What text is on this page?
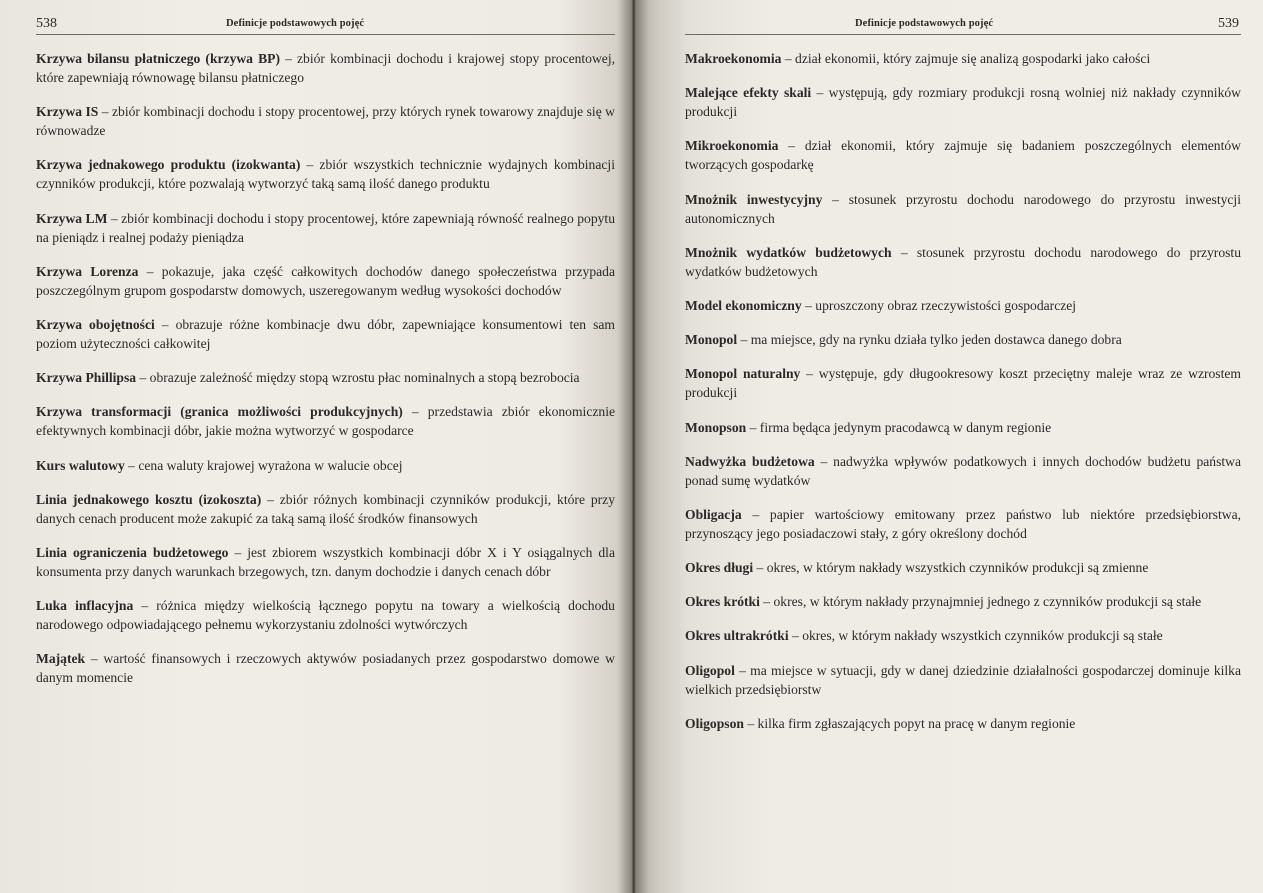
538	Definicje podstawowych pojęć

Krzywa bilansu płatniczego (krzywa BP) – zbiór kombinacji dochodu i krajowej stopy procentowej, które zapewniają równowagę bilansu płatniczego

Krzywa IS – zbiór kombinacji dochodu i stopy procentowej, przy których rynek towarowy znajduje się w równowadze

Krzywa jednakowego produktu (izokwanta) – zbiór wszystkich technicznie wydajnych kombinacji czynników produkcji, które pozwalają wytworzyć taką samą ilość danego produktu

Krzywa LM – zbiór kombinacji dochodu i stopy procentowej, które zapewniają równość realnego popytu na pieniądz i realnej podaży pieniądza

Krzywa Lorenza – pokazuje, jaka część całkowitych dochodów danego społeczeństwa przypada poszczególnym grupom gospodarstw domowych, uszeregowanym według wysokości dochodów

Krzywa obojętności – obrazuje różne kombinacje dwu dóbr, zapewniające konsumentowi ten sam poziom użyteczności całkowitej

Krzywa Phillipsa – obrazuje zależność między stopą wzrostu płac nominalnych a stopą bezrobocia

Krzywa transformacji (granica możliwości produkcyjnych) – przedstawia zbiór ekonomicznie efektywnych kombinacji dóbr, jakie można wytworzyć w gospodarce

Kurs walutowy – cena waluty krajowej wyrażona w walucie obcej

Linia jednakowego kosztu (izokoszta) – zbiór różnych kombinacji czynników produkcji, które przy danych cenach producent może zakupić za taką samą ilość środków finansowych

Linia ograniczenia budżetowego – jest zbiorem wszystkich kombinacji dóbr X i Y osiągalnych dla konsumenta przy danych warunkach brzegowych, tzn. danym dochodzie i danych cenach dóbr

Luka inflacyjna – różnica między wielkością łącznego popytu na towary a wielkością dochodu narodowego odpowiadającego pełnemu wykorzystaniu zdolności wytwórczych

Majątek – wartość finansowych i rzeczowych aktywów posiadanych przez gospodarstwo domowe w danym momencie

Definicje podstawowych pojęć	539

Makroekonomia – dział ekonomii, który zajmuje się analizą gospodarki jako całości

Malejące efekty skali – występują, gdy rozmiary produkcji rosną wolniej niż nakłady czynników produkcji

Mikroekonomia – dział ekonomii, który zajmuje się badaniem poszczególnych elementów tworzących gospodarkę

Mnożnik inwestycyjny – stosunek przyrostu dochodu narodowego do przyrostu inwestycji autonomicznych

Mnożnik wydatków budżetowych – stosunek przyrostu dochodu narodowego do przyrostu wydatków budżetowych

Model ekonomiczny – uproszczony obraz rzeczywistości gospodarczej

Monopol – ma miejsce, gdy na rynku działa tylko jeden dostawca danego dobra

Monopol naturalny – występuje, gdy długookresowy koszt przeciętny maleje wraz ze wzrostem produkcji

Monopson – firma będąca jedynym pracodawcą w danym regionie

Nadwyżka budżetowa – nadwyżka wpływów podatkowych i innych dochodów budżetu państwa ponad sumę wydatków

Obligacja – papier wartościowy emitowany przez państwo lub niektóre przedsiębiorstwa, przynoszący jego posiadaczowi stały, z góry określony dochód

Okres długi – okres, w którym nakłady wszystkich czynników produkcji są zmienne

Okres krótki – okres, w którym nakłady przynajmniej jednego z czynników produkcji są stałe

Okres ultrakrótki – okres, w którym nakłady wszystkich czynników produkcji są stałe

Oligopol – ma miejsce w sytuacji, gdy w danej dziedzinie działalności gospodarczej dominuje kilka wielkich przedsiębiorstw

Oligopson – kilka firm zgłaszających popyt na pracę w danym regionie
